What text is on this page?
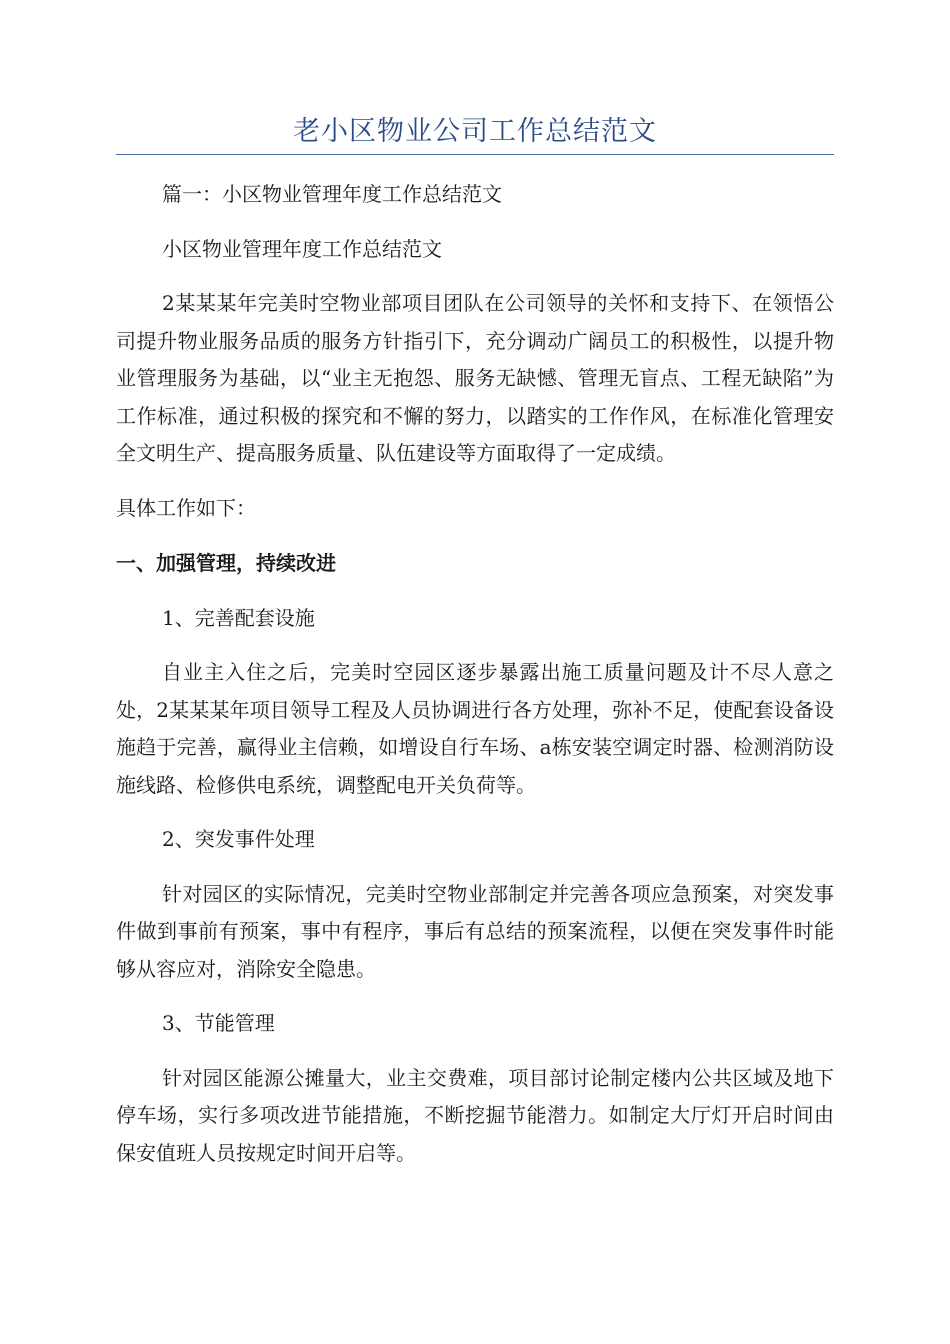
老小区物业公司工作总结范文

篇一：小区物业管理年度工作总结范文

小区物业管理年度工作总结范文

2某某某年完美时空物业部项目团队在公司领导的关怀和支持下、在领悟公司提升物业服务品质的服务方针指引下，充分调动广阔员工的积极性，以提升物业管理服务为基础，以“业主无抱怨、服务无缺憾、管理无盲点、工程无缺陷”为工作标准，通过积极的探究和不懈的努力，以踏实的工作作风，在标准化管理安全文明生产、提高服务质量、队伍建设等方面取得了一定成绩。

具体工作如下：

一、加强管理，持续改进

1、完善配套设施

自业主入住之后，完美时空园区逐步暴露出施工质量问题及计不尽人意之处，2某某某年项目领导工程及人员协调进行各方处理，弥补不足，使配套设备设施趋于完善，赢得业主信赖，如增设自行车场、a栋安装空调定时器、检测消防设施线路、检修供电系统，调整配电开关负荷等。

2、突发事件处理

针对园区的实际情况，完美时空物业部制定并完善各项应急预案，对突发事件做到事前有预案，事中有程序，事后有总结的预案流程，以便在突发事件时能够从容应对，消除安全隐患。

3、节能管理

针对园区能源公摊量大，业主交费难，项目部讨论制定楼内公共区域及地下停车场，实行多项改进节能措施，不断挖掘节能潜力。如制定大厅灯开启时间由保安值班人员按规定时间开启等。
